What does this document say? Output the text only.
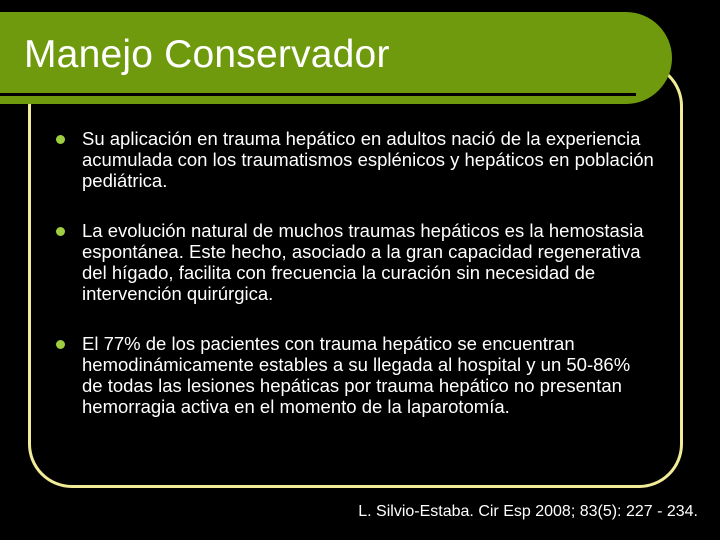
Manejo Conservador
Su aplicación en trauma hepático en adultos nació de la experiencia acumulada con los traumatismos esplénicos y hepáticos en población pediátrica.
La evolución natural de muchos traumas hepáticos es la hemostasia espontánea. Este hecho, asociado a la gran capacidad regenerativa del hígado, facilita con frecuencia la curación sin necesidad de intervención quirúrgica.
El 77% de los pacientes con trauma hepático se encuentran hemodinámicamente estables a su llegada al hospital y un 50-86% de todas las lesiones hepáticas por trauma hepático no presentan hemorragia activa en el momento de la laparotomía.
L. Silvio-Estaba. Cir Esp 2008; 83(5): 227 - 234.
